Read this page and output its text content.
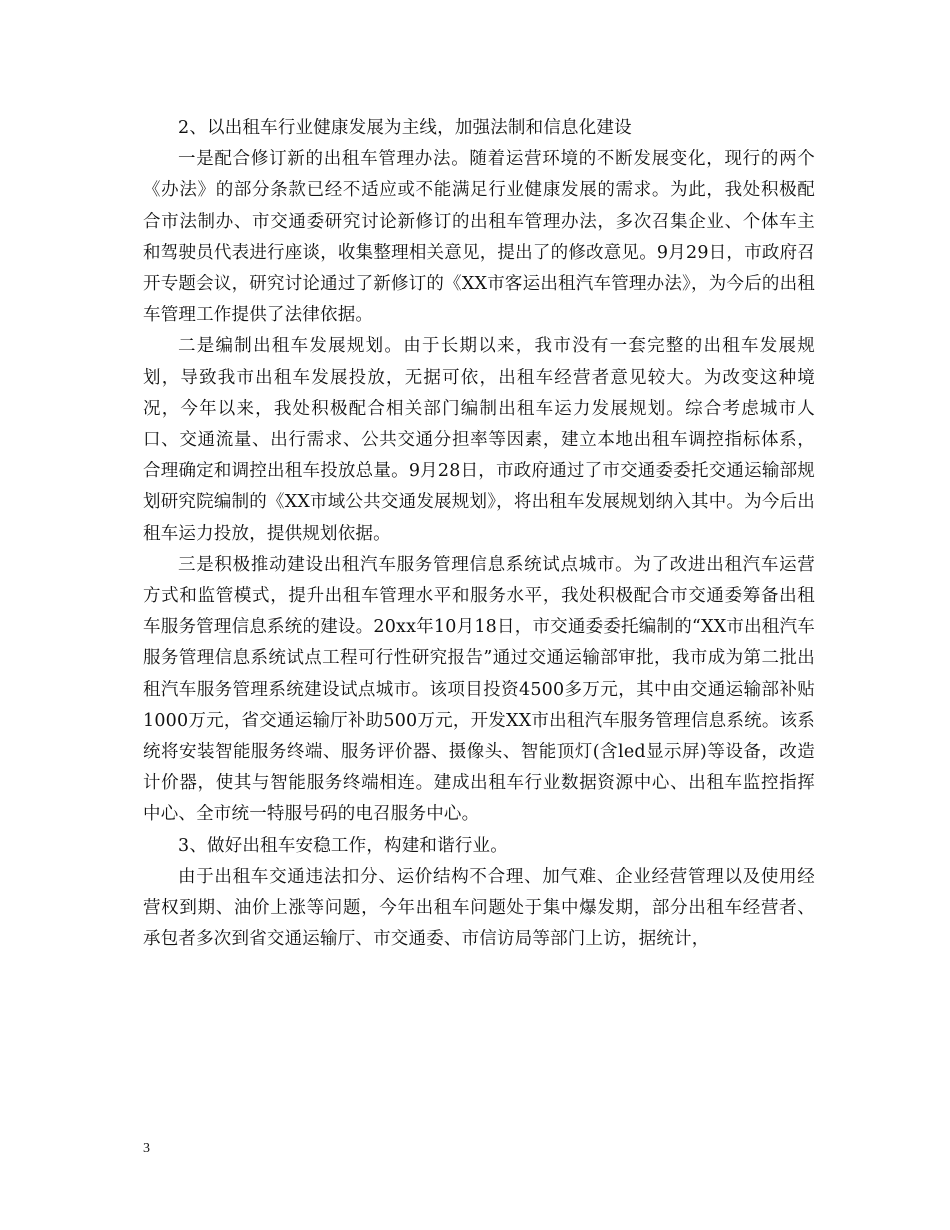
2、以出租车行业健康发展为主线，加强法制和信息化建设

一是配合修订新的出租车管理办法。随着运营环境的不断发展变化，现行的两个《办法》的部分条款已经不适应或不能满足行业健康发展的需求。为此，我处积极配合市法制办、市交通委研究讨论新修订的出租车管理办法，多次召集企业、个体车主和驾驶员代表进行座谈，收集整理相关意见，提出了的修改意见。9月29日，市政府召开专题会议，研究讨论通过了新修订的《XX市客运出租汽车管理办法》，为今后的出租车管理工作提供了法律依据。

二是编制出租车发展规划。由于长期以来，我市没有一套完整的出租车发展规划，导致我市出租车发展投放，无据可依，出租车经营者意见较大。为改变这种境况，今年以来，我处积极配合相关部门编制出租车运力发展规划。综合考虑城市人口、交通流量、出行需求、公共交通分担率等因素，建立本地出租车调控指标体系，合理确定和调控出租车投放总量。9月28日，市政府通过了市交通委委托交通运输部规划研究院编制的《XX市域公共交通发展规划》，将出租车发展规划纳入其中。为今后出租车运力投放，提供规划依据。

三是积极推动建设出租汽车服务管理信息系统试点城市。为了改进出租汽车运营方式和监管模式，提升出租车管理水平和服务水平，我处积极配合市交通委筹备出租车服务管理信息系统的建设。20xx年10月18日，市交通委委托编制的“XX市出租汽车服务管理信息系统试点工程可行性研究报告”通过交通运输部审批，我市成为第二批出租汽车服务管理系统建设试点城市。该项目投资4500多万元，其中由交通运输部补贴1000万元，省交通运输厅补助500万元，开发XX市出租汽车服务管理信息系统。该系统将安装智能服务终端、服务评价器、摄像头、智能顶灯(含led显示屏)等设备，改造计价器，使其与智能服务终端相连。建成出租车行业数据资源中心、出租车监控指挥中心、全市统一特服号码的电召服务中心。

3、做好出租车安稳工作，构建和谐行业。

由于出租车交通违法扣分、运价结构不合理、加气难、企业经营管理以及使用经营权到期、油价上涨等问题，今年出租车问题处于集中爆发期，部分出租车经营者、承包者多次到省交通运输厅、市交通委、市信访局等部门上访，据统计，

3
